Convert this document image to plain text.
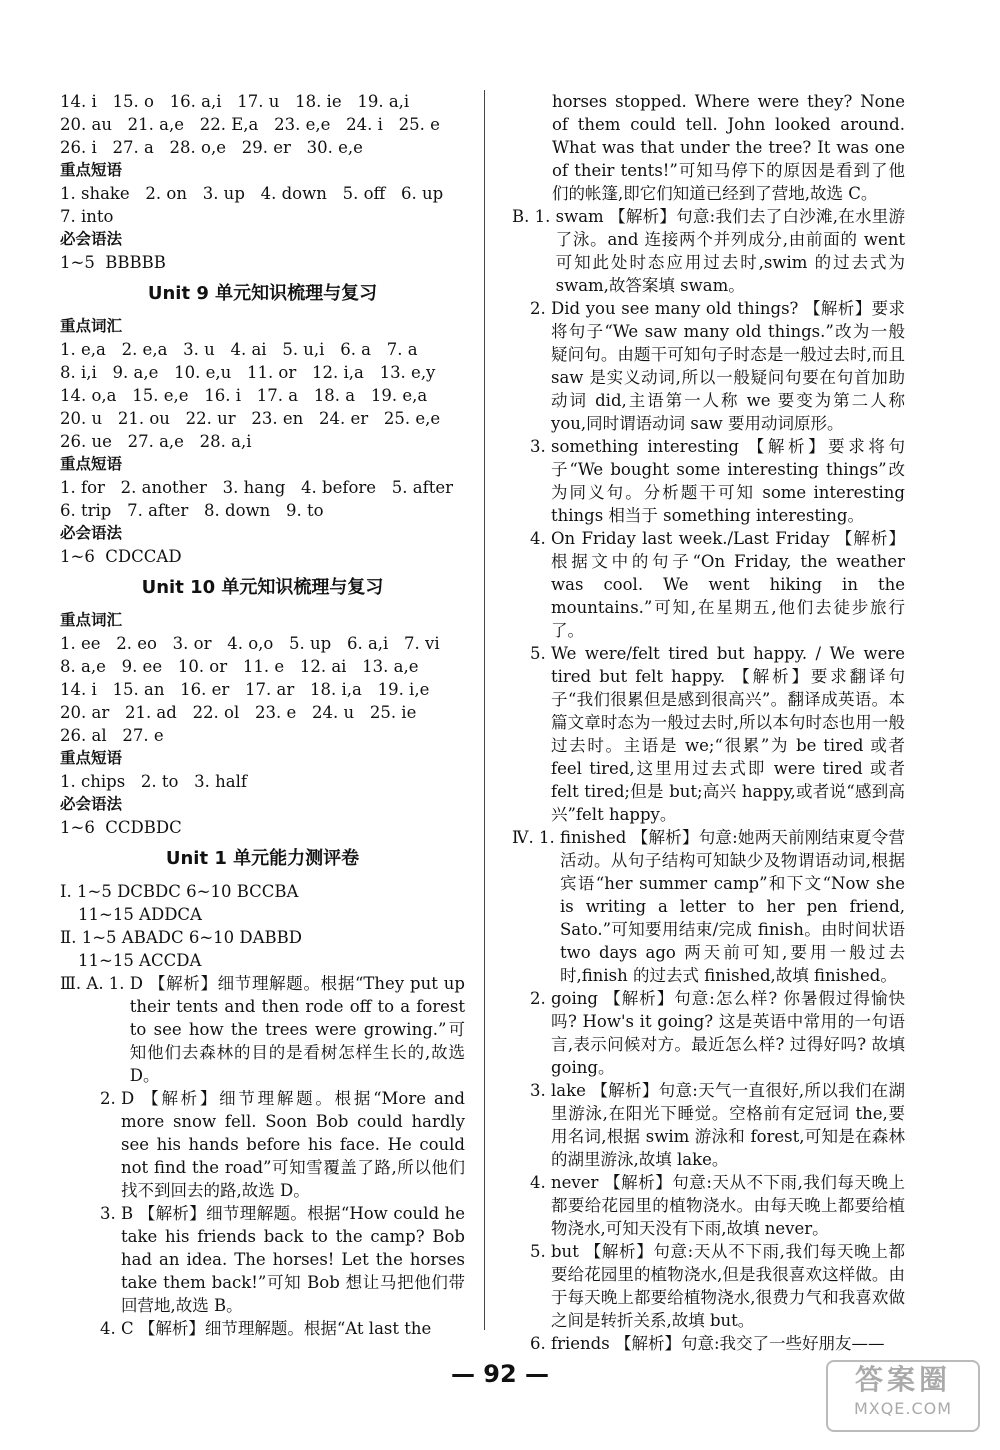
14. i   15. o   16. a,i   17. u   18. ie   19. a,i
20. au   21. a,e   22. E,a   23. e,e   24. i   25. e
26. i   27. a   28. o,e   29. er   30. e,e
重点短语
1. shake   2. on   3. up   4. down   5. off   6. up
7. into
必会语法
1~5  BBBBB
Unit 9 单元知识梳理与复习
重点词汇
1. e,a   2. e,a   3. u   4. ai   5. u,i   6. a   7. a
8. i,i   9. a,e   10. e,u   11. or   12. i,a   13. e,y
14. o,a   15. e,e   16. i   17. a   18. a   19. e,a
20. u   21. ou   22. ur   23. en   24. er   25. e,e
26. ue   27. a,e   28. a,i
重点短语
1. for   2. another   3. hang   4. before   5. after
6. trip   7. after   8. down   9. to
必会语法
1~6  CDCCAD
Unit 10 单元知识梳理与复习
重点词汇
1. ee   2. eo   3. or   4. o,o   5. up   6. a,i   7. vi
8. a,e   9. ee   10. or   11. e   12. ai   13. a,e
14. i   15. an   16. er   17. ar   18. i,a   19. i,e
20. ar   21. ad   22. ol   23. e   24. u   25. ie
26. al   27. e
重点短语
1. chips   2. to   3. half
必会语法
1~6  CCDBDC
Unit 1 单元能力测评卷
Ⅰ. 1~5 DCBDC 6~10 BCCBA
11~15 ADDCA
Ⅱ. 1~5 ABADC 6~10 DABBD
11~15 ACCDA
Ⅲ. A. 1. D 【解析】细节理解题。根据“They put up their tents and then rode off to a forest to see how the trees were growing.”可知他们去森林的目的是看树怎样生长的,故选 D。
2. D 【解析】细节理解题。根据“More and more snow fell. Soon Bob could hardly see his hands before his face. He could not find the road”可知雪覆盖了路,所以他们找不到回去的路,故选 D。
3. B 【解析】细节理解题。根据“How could he take his friends back to the camp? Bob had an idea. The horses! Let the horses take them back!”可知 Bob 想让马把他们带回营地,故选 B。
4. C 【解析】细节理解题。根据“At last the
horses stopped. Where were they? None of them could tell. John looked around. What was that under the tree? It was one of their tents!”可知马停下的原因是看到了他们的帐篷,即它们知道已经到了营地,故选 C。
B. 1. swam 【解析】句意:我们去了白沙滩,在水里游了泳。and 连接两个并列成分,由前面的 went 可知此处时态应用过去时,swim 的过去式为 swam,故答案填 swam。
2. Did you see many old things? 【解析】要求将句子“We saw many old things.”改为一般疑问句。由题干可知句子时态是一般过去时,而且 saw 是实义动词,所以一般疑问句要在句首加助动词 did,主语第一人称 we 要变为第二人称 you,同时谓语动词 saw 要用动词原形。
3. something interesting 【解析】要求将句子“We bought some interesting things”改为同义句。分析题干可知 some interesting things 相当于 something interesting。
4. On Friday last week./Last Friday 【解析】根据文中的句子“On Friday, the weather was cool. We went hiking in the mountains.”可知,在星期五,他们去徒步旅行了。
5. We were/felt tired but happy. / We were tired but felt happy. 【解析】要求翻译句子“我们很累但是感到很高兴”。翻译成英语。本篇文章时态为一般过去时,所以本句时态也用一般过去时。主语是 we;“很累”为 be tired 或者 feel tired,这里用过去式即 were tired 或者 felt tired;但是 but;高兴 happy,或者说“感到高兴”felt happy。
Ⅳ. 1. finished 【解析】句意:她两天前刚结束夏令营活动。从句子结构可知缺少及物谓语动词,根据宾语“her summer camp”和下文“Now she is writing a letter to her pen friend, Sato.”可知要用结束/完成 finish。由时间状语 two days ago 两天前可知,要用一般过去时,finish 的过去式 finished,故填 finished。
2. going 【解析】句意:怎么样? 你暑假过得愉快吗? How's it going? 这是英语中常用的一句语言,表示问候对方。最近怎么样? 过得好吗? 故填 going。
3. lake 【解析】句意:天气一直很好,所以我们在湖里游泳,在阳光下睡觉。空格前有定冠词 the,要用名词,根据 swim 游泳和 forest,可知是在森林的湖里游泳,故填 lake。
4. never 【解析】句意:天从不下雨,我们每天晚上都要给花园里的植物浇水。由每天晚上都要给植物浇水,可知天没有下雨,故填 never。
5. but 【解析】句意:天从不下雨,我们每天晚上都要给花园里的植物浇水,但是我很喜欢这样做。由于每天晚上都要给植物浇水,很费力气和我喜欢做之间是转折关系,故填 but。
6. friends 【解析】句意:我交了一些好朋友——
— 92 —	答案圈
MXQE.COM
